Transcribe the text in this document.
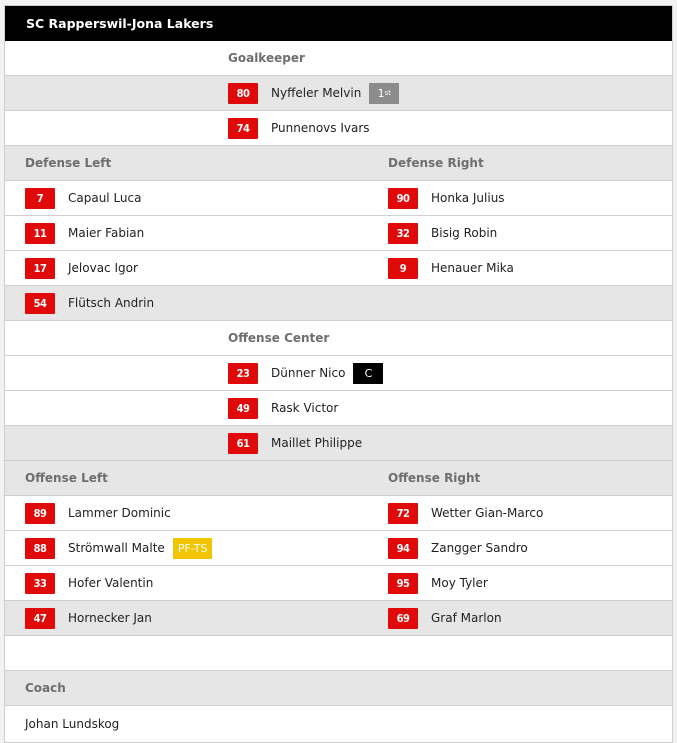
SC Rapperswil-Jona Lakers
Goalkeeper
80	Nyffeler Melvin 1 st
74	Punnenovs Ivars
Defense Left	Defense Right
7	Capaul Luca	90	Honka Julius
11	Maier Fabian	32	Bisig Robin
17	Jelovac Igor	9	Henauer Mika
54	Flütsch Andrin
Offense Center
23	Dünner Nico	C
49	Rask Victor
61	Maillet Philippe
Offense Left	Offense Right
89	Lammer Dominic	72	Wetter Gian-Marco
88	Strömwall Malte	PF-TS	94	Zangger Sandro
33	Hofer Valentin	95	Moy Tyler
47	Hornecker Jan	69	Graf Marlon
Coach
Johan Lundskog
